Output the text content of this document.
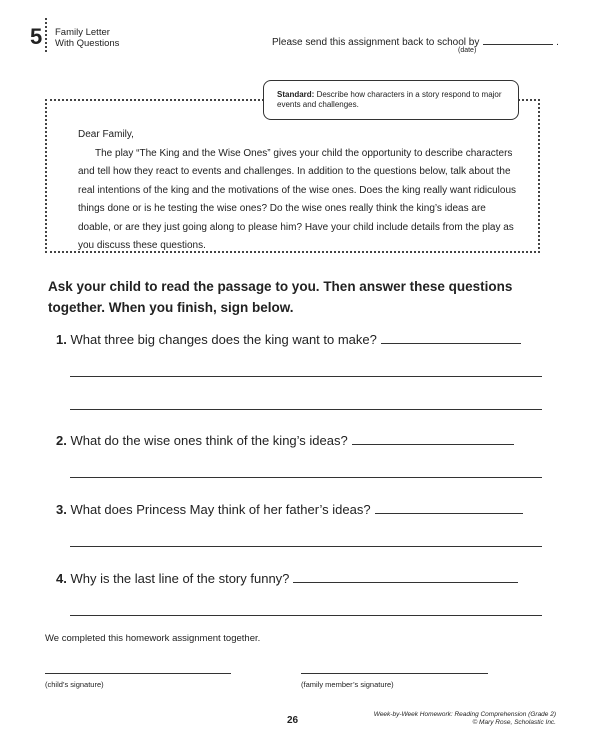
5 Family Letter
With Questions	Please send this assignment back to school by	.
(date)
Standard: Describe how characters in a story respond to major events and challenges.

Dear Family,

The play “The King and the Wise Ones” gives your child the opportunity to describe characters and tell how they react to events and challenges. In addition to the questions below, talk about the real intentions of the king and the motivations of the wise ones. Does the king really want ridiculous things done or is he testing the wise ones? Do the wise ones really think the king’s ideas are doable, or are they just going along to please him? Have your child include details from the play as you discuss these questions.

Ask your child to read the passage to you. Then answer these questions together. When you finish, sign below.
1. What three big changes does the king want to make?
2. What do the wise ones think of the king’s ideas?
3. What does Princess May think of her father’s ideas?
4. Why is the last line of the story funny?
We completed this homework assignment together.
(child’s signature)	(family member’s signature)
26
Week-by-Week Homework: Reading Comprehension (Grade 2)
© Mary Rose, Scholastic Inc.
